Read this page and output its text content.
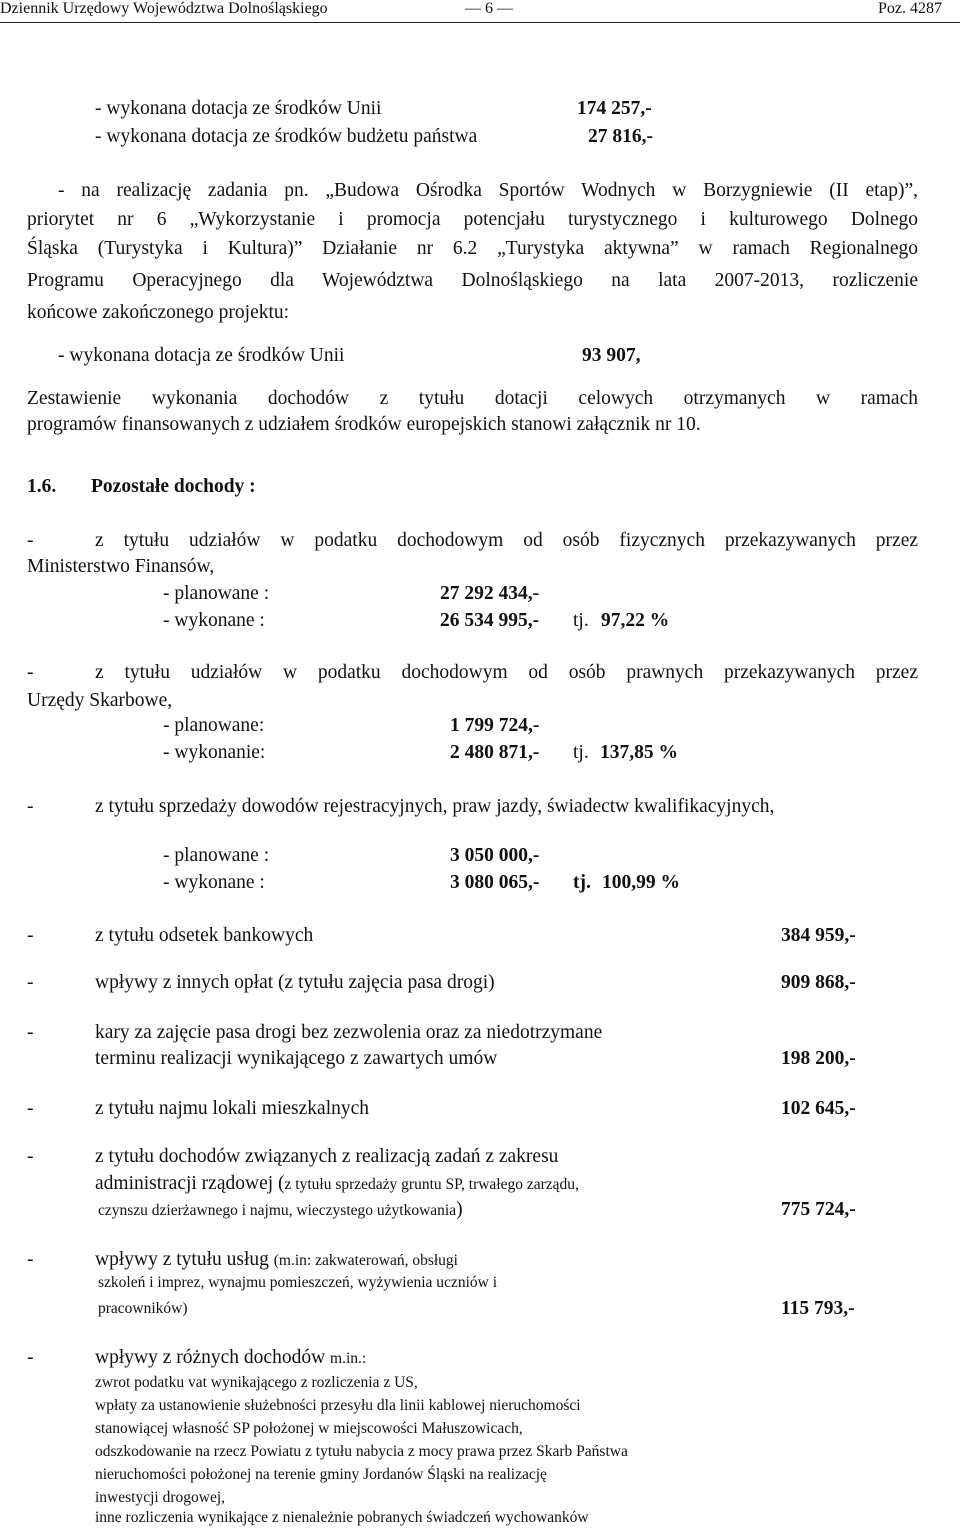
Dziennik Urzędowy Województwa Dolnośląskiego	— 6 —	Poz. 4287
- wykonana dotacja ze środków Unii	174 257,-
- wykonana dotacja ze środków budżetu państwa	27 816,-
- na realizację zadania pn. „Budowa Ośrodka Sportów Wodnych w Borzygniewie (II etap)”,
priorytet nr 6 „Wykorzystanie i promocja potencjału turystycznego i kulturowego Dolnego
Śląska (Turystyka i Kultura)” Działanie nr 6.2 „Turystyka aktywna” w ramach Regionalnego
Programu Operacyjnego dla Województwa Dolnośląskiego na lata 2007-2013, rozliczenie
końcowe zakończonego projektu:
- wykonana dotacja ze środków Unii	93 907,
Zestawienie wykonania dochodów z tytułu dotacji celowych otrzymanych w ramach
programów finansowanych z udziałem środków europejskich stanowi załącznik nr 10.
1.6. Pozostałe dochody :
-	z tytułu udziałów w podatku dochodowym od osób fizycznych przekazywanych przez
Ministerstwo Finansów,
- planowane :	27 292 434,-
- wykonane :	26 534 995,- tj. 97,22 %
-	z tytułu udziałów w podatku dochodowym od osób prawnych przekazywanych przez
Urzędy Skarbowe,
- planowane:	1 799 724,-
- wykonanie:	2 480 871,- tj. 137,85 %
-	z tytułu sprzedaży dowodów rejestracyjnych, praw jazdy, świadectw kwalifikacyjnych,
- planowane :	3 050 000,-
- wykonane :	3 080 065,- tj. 100,99 %
-	z tytułu odsetek bankowych	384 959,-
-	wpływy z innych opłat (z tytułu zajęcia pasa drogi)	909 868,-
-	kary za zajęcie pasa drogi bez zezwolenia oraz za niedotrzymane
terminu realizacji wynikającego z zawartych umów	198 200,-
-	z tytułu najmu lokali mieszkalnych	102 645,-
-	z tytułu dochodów związanych z realizacją zadań z zakresu
administracji rządowej (z tytułu sprzedaży gruntu SP, trwałego zarządu,
czynszu dzierżawnego i najmu, wieczystego użytkowania)	775 724,-
-	wpływy z tytułu usług (m.in: zakwaterowań, obsługi
szkoleń i imprez, wynajmu pomieszczeń, wyżywienia uczniów i
pracowników)	115 793,-
-	wpływy z różnych dochodów m.in.:
zwrot podatku vat wynikającego z rozliczenia z US,
wpłaty za ustanowienie służebności przesyłu dla linii kablowej nieruchomości
stanowiącej własność SP położonej w miejscowości Małuszowicach,
odszkodowanie na rzecz Powiatu z tytułu nabycia z mocy prawa przez Skarb Państwa
nieruchomości położonej na terenie gminy Jordanów Śląski na realizację
inwestycji drogowej,
inne rozliczenia wynikające z nienależnie pobranych świadczeń wychowanków
